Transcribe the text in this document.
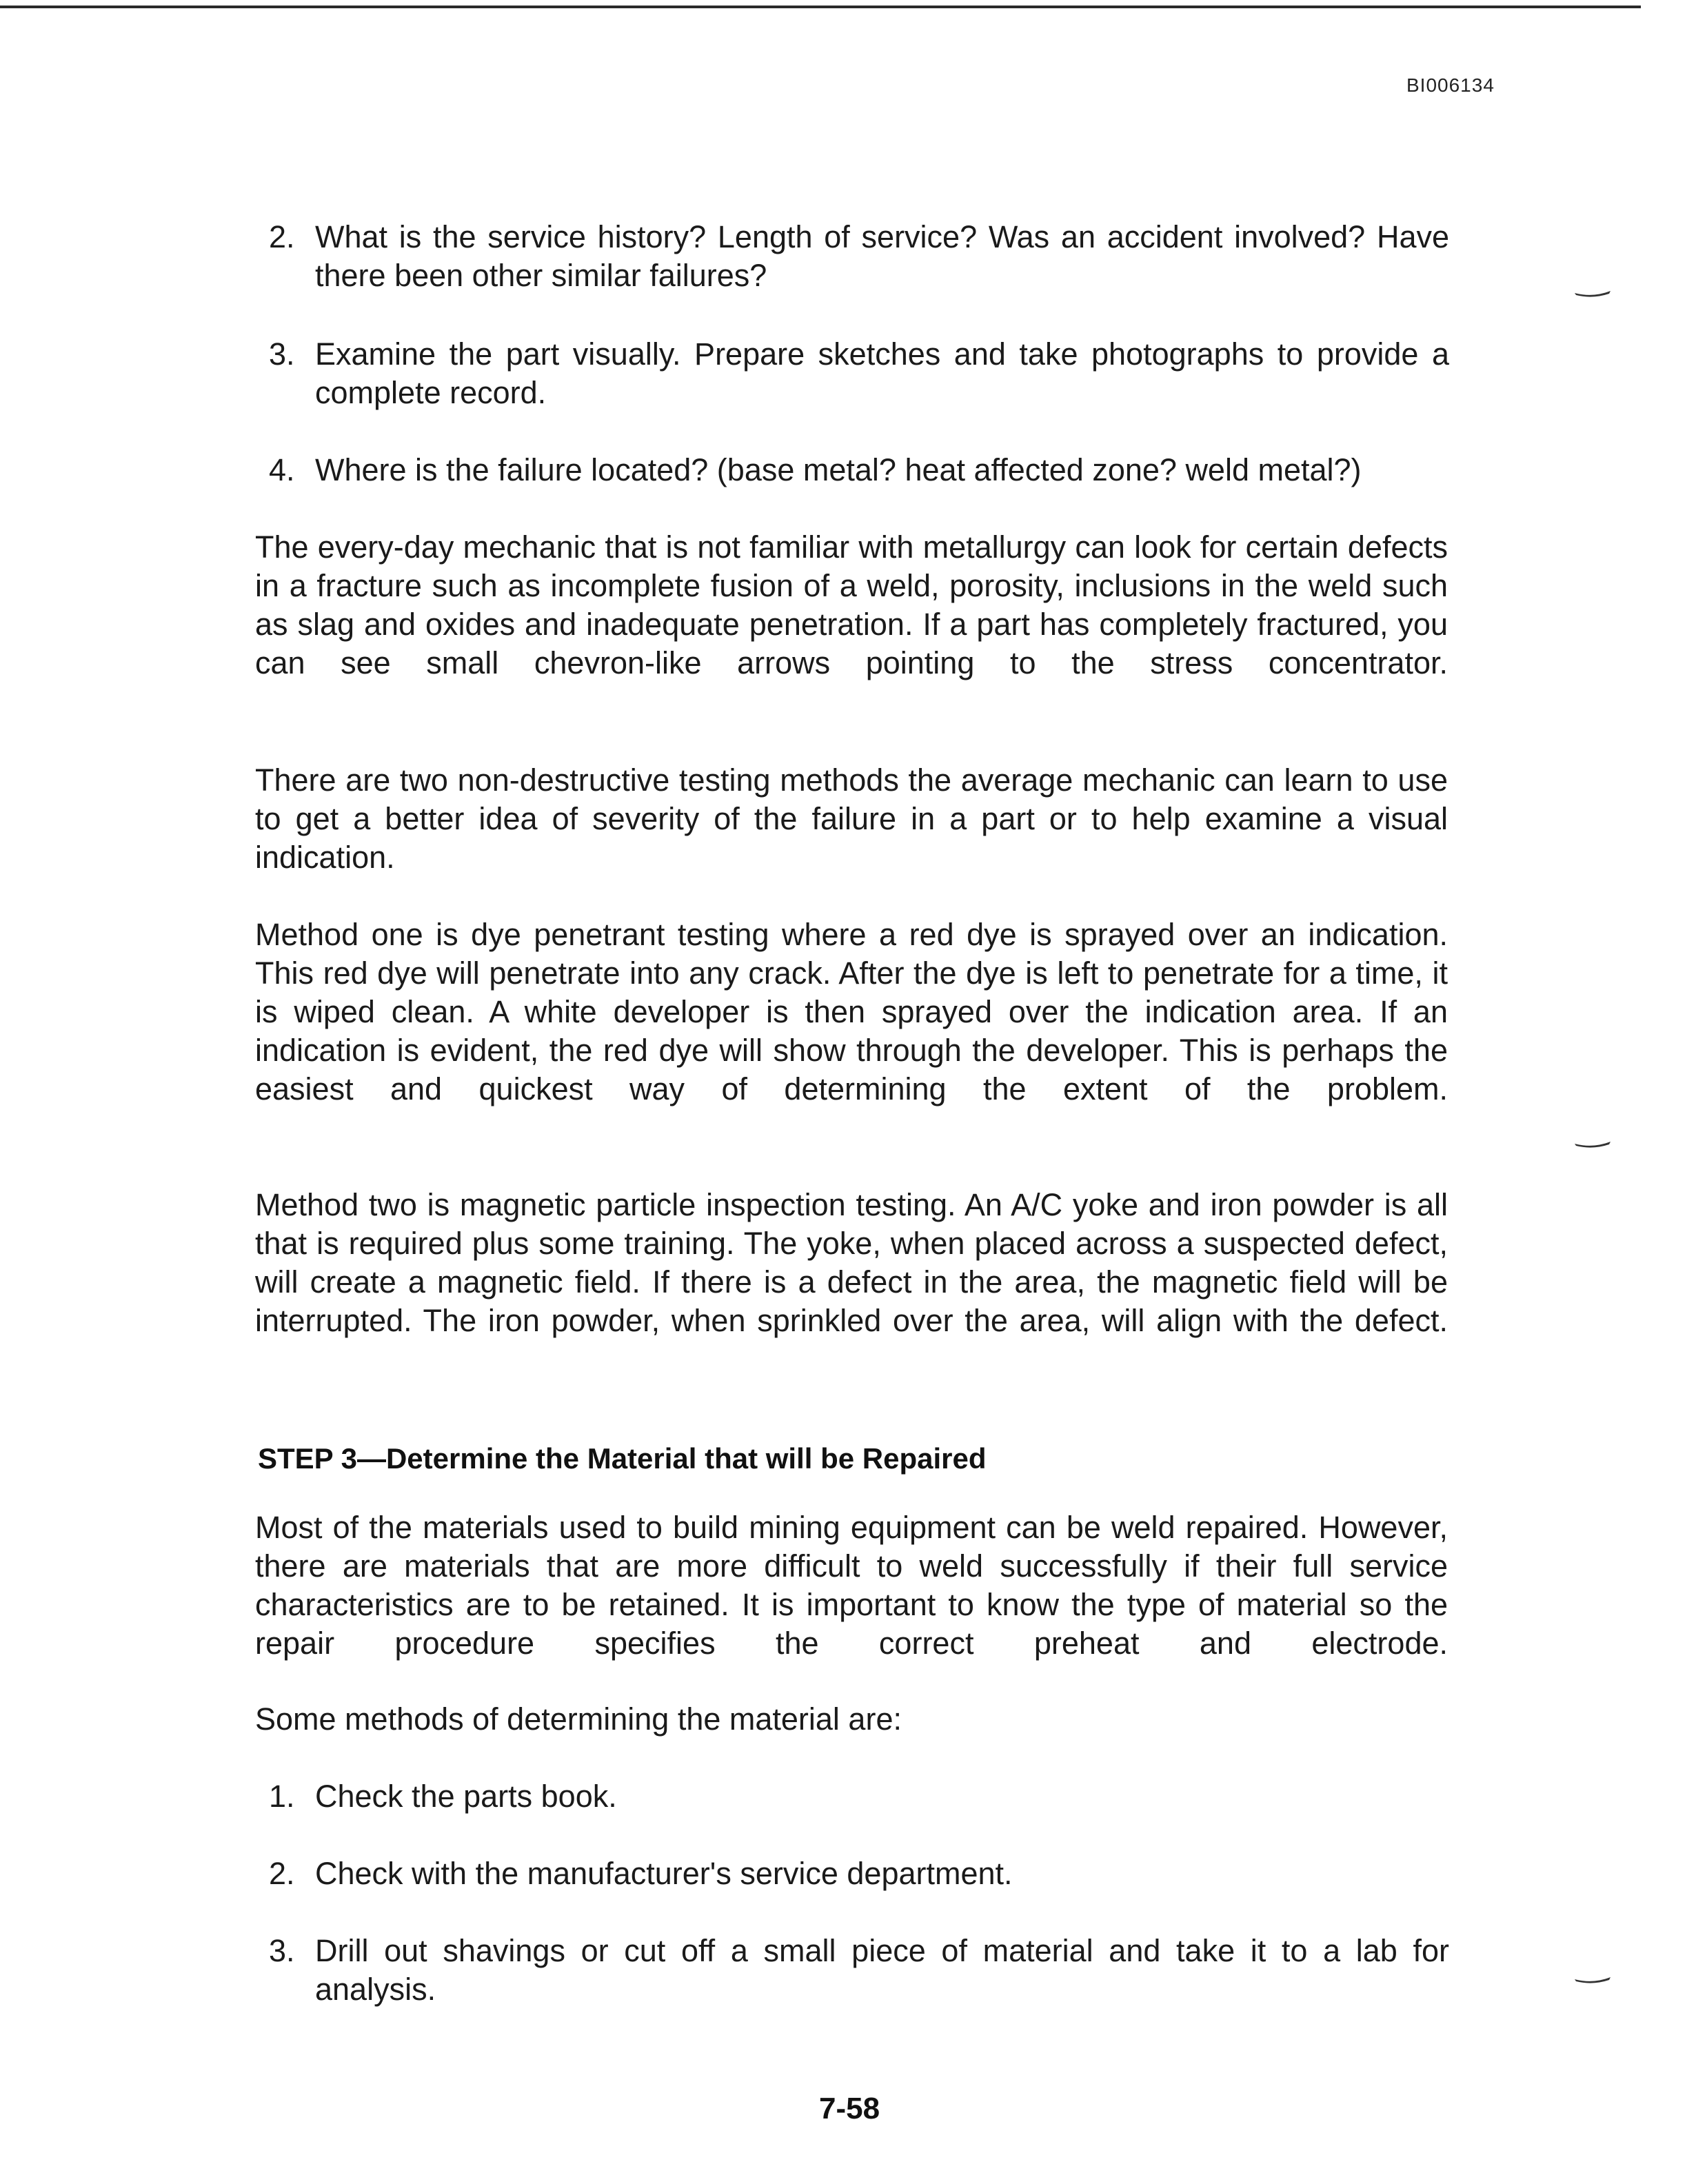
BI006134
2. What is the service history? Length of service? Was an accident involved? Have there been other similar failures?
3. Examine the part visually. Prepare sketches and take photographs to provide a complete record.
4. Where is the failure located? (base metal? heat affected zone? weld metal?)

The every-day mechanic that is not familiar with metallurgy can look for certain defects in a fracture such as incomplete fusion of a weld, porosity, inclusions in the weld such as slag and oxides and inadequate penetration. If a part has completely fractured, you can see small chevron-like arrows pointing to the stress concentrator.

There are two non-destructive testing methods the average mechanic can learn to use to get a better idea of severity of the failure in a part or to help examine a visual indication.

Method one is dye penetrant testing where a red dye is sprayed over an indication. This red dye will penetrate into any crack. After the dye is left to penetrate for a time, it is wiped clean. A white developer is then sprayed over the indication area. If an indication is evident, the red dye will show through the developer. This is perhaps the easiest and quickest way of determining the extent of the problem.

Method two is magnetic particle inspection testing. An A/C yoke and iron powder is all that is required plus some training. The yoke, when placed across a suspected defect, will create a magnetic field. If there is a defect in the area, the magnetic field will be interrupted. The iron powder, when sprinkled over the area, will align with the defect.

STEP 3—Determine the Material that will be Repaired

Most of the materials used to build mining equipment can be weld repaired. However, there are materials that are more difficult to weld successfully if their full service characteristics are to be retained. It is important to know the type of material so the repair procedure specifies the correct preheat and electrode.

Some methods of determining the material are:

1. Check the parts book.
2. Check with the manufacturer's service department.
3. Drill out shavings or cut off a small piece of material and take it to a lab for analysis.
7-58
